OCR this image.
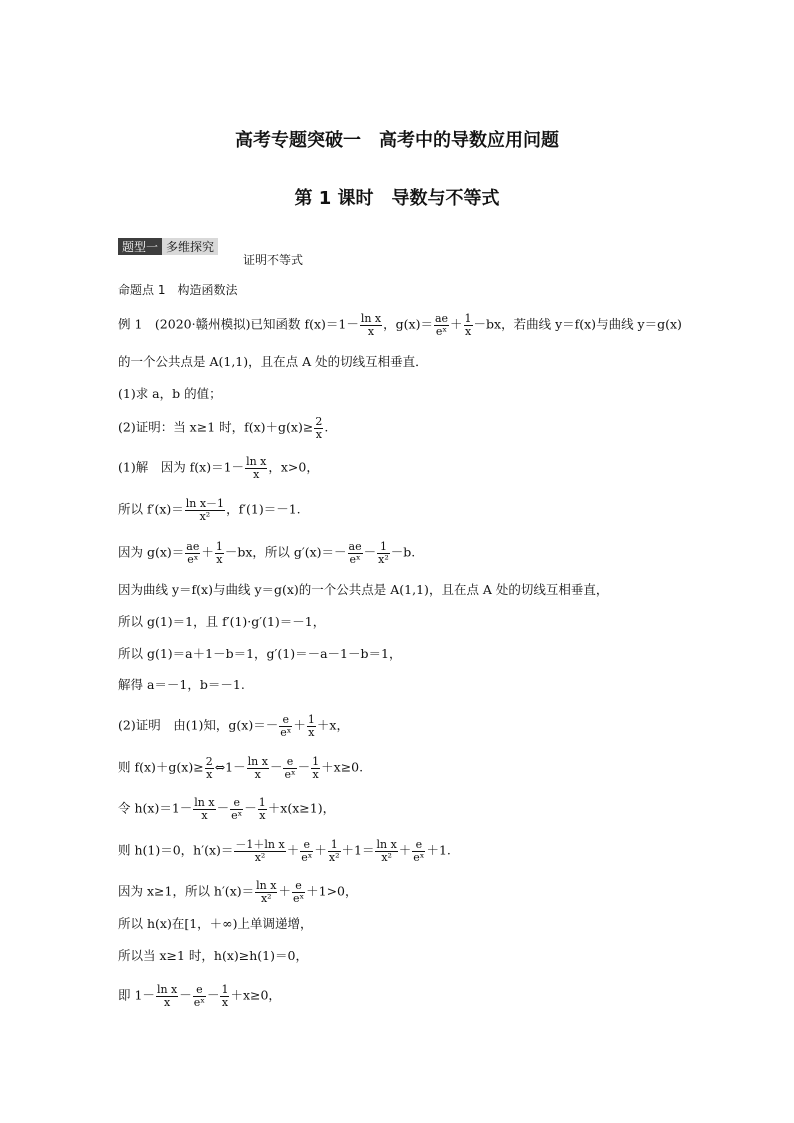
高考专题突破一　高考中的导数应用问题
第 1 课时　导数与不等式
题型一 多维探究
证明不等式
命题点 1　构造函数法
例 1　(2020·赣州模拟)已知函数 $f(x)=1- \frac{\text{ln x}}{x}$ ，$g(x)= \frac{ae}{\text{eˣ}} + \frac{1}{x} -bx$，若曲线 y＝f(x)与曲线 y＝g(x)
的一个公共点是 A(1,1)，且在点 A 处的切线互相垂直．
(1)求 a，b 的值；
(2)证明：当 x≥1 时，$f(x)+g(x)\ge \frac{2}{x}$ .
(1)解　因为 $f(x)=1- \frac{\text{ln x}}{x}$ ，x>0，
所以 $f'(x)= \frac{\text{ln x－1}}{\text{x²}}$ ，f′(1)＝－1.
因为 $g(x)= \frac{ae}{\text{eˣ}} + \frac{1}{x} -bx$，所以 $g'(x)=- \frac{ae}{\text{eˣ}} - \frac{1}{\text{x²}} -b$.
因为曲线 y＝f(x)与曲线 y＝g(x)的一个公共点是 A(1,1)，且在点 A 处的切线互相垂直，
所以 g(1)＝1，且 f′(1)·g′(1)＝－1，
所以 g(1)＝a＋1－b＝1，g′(1)＝－a－1－b＝1，
解得 a＝－1，b＝－1.
(2)证明　由(1)知，$g(x)=- \frac{e}{\text{eˣ}} + \frac{1}{x} +x$，
则 $f(x)+g(x)\ge \frac{2}{x}$ ⇔1－ $\frac{\text{ln x}}{x} - \frac{e}{\text{eˣ}} - \frac{1}{x} +x\ge 0$.
令 $h(x)=1- \frac{\text{ln x}}{x} - \frac{e}{\text{eˣ}} - \frac{1}{x} +x(x\ge 1)$，
则 h(1)＝0，$h'(x)= \frac{\text{－1＋ln x}}{\text{x²}} + \frac{e}{\text{eˣ}} + \frac{1}{\text{x²}} +1= \frac{\text{ln x}}{\text{x²}} + \frac{e}{\text{eˣ}} +1$.
因为 x≥1，所以 $h'(x)= \frac{\text{ln x}}{\text{x²}} + \frac{e}{\text{eˣ}} +1>0$，
所以 h(x)在[1，＋∞)上单调递增，
所以当 x≥1 时，h(x)≥h(1)＝0，
即 $1- \frac{\text{ln x}}{x} - \frac{e}{\text{eˣ}} - \frac{1}{x} +x\ge 0$，
